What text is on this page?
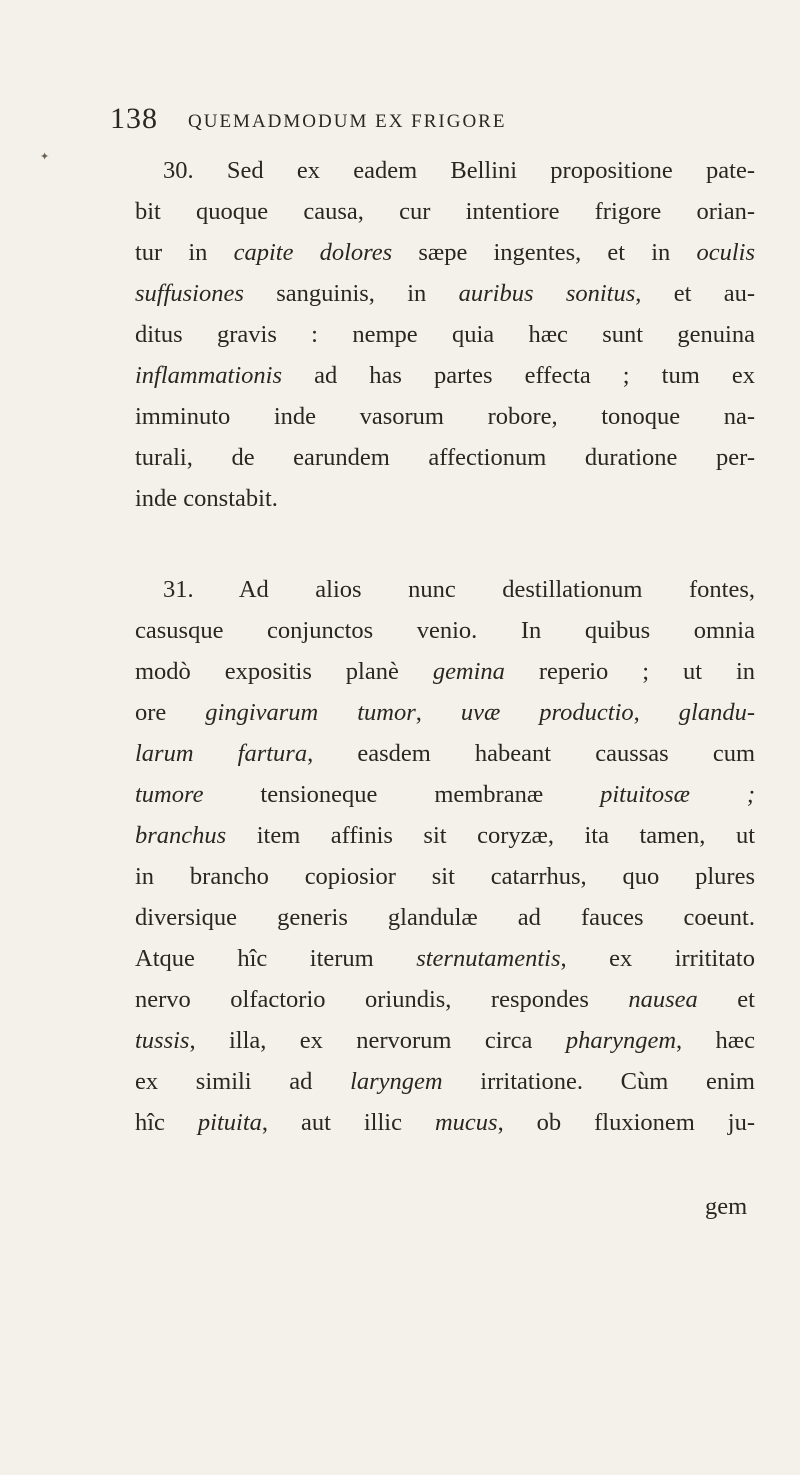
138 QUEMADMODUM EX FRIGORE
30. Sed ex eadem Bellini propositione pate-
bit quoque causa, cur intentiore frigore orian-
tur in capite dolores sæpe ingentes, et in oculis
suffusiones sanguinis, in auribus sonitus, et au-
ditus gravis : nempe quia hæc sunt genuina
inflammationis ad has partes effecta ; tum ex
imminuto inde vasorum robore, tonoque na-
turali, de earundem affectionum duratione per-
inde constabit.
31. Ad alios nunc destillationum fontes,
casusque conjunctos venio. In quibus omnia
modò expositis planè gemina reperio ; ut in
ore gingivarum tumor, uvæ productio, glandu-
larum fartura, easdem habeant caussas cum
tumore tensioneque membranæ pituitosæ ;
branchus item affinis sit coryzæ, ita tamen, ut
in brancho copiosior sit catarrhus, quo plures
diversique generis glandulæ ad fauces coeunt.
Atque hîc iterum sternutamentis, ex irrititato
nervo olfactorio oriundis, respondes nausea et
tussis, illa, ex nervorum circa pharyngem, hæc
ex simili ad laryngem irritatione. Cùm enim
hîc pituita, aut illic mucus, ob fluxionem ju-
gem
✦
